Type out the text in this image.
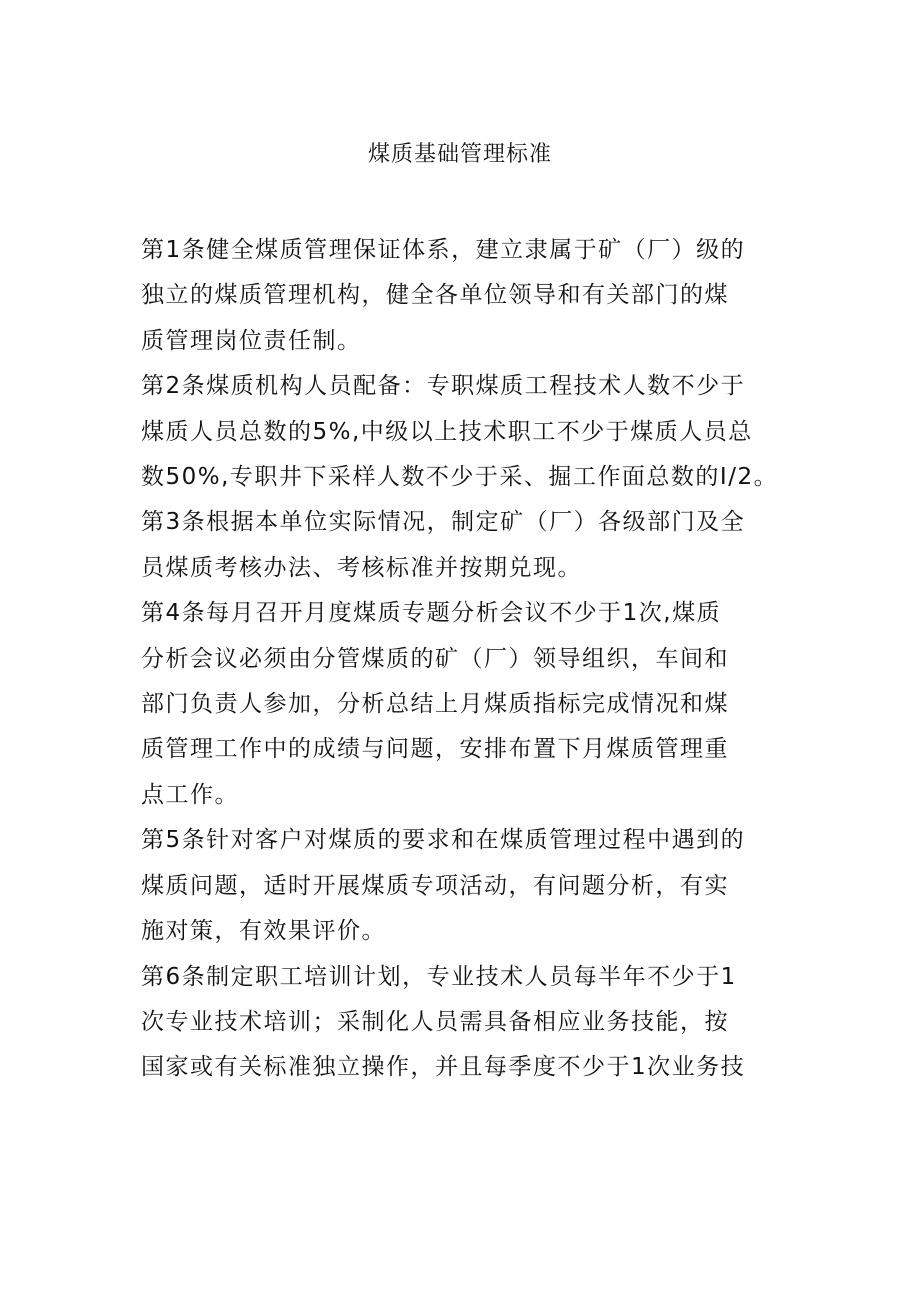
煤质基础管理标准
第1条健全煤质管理保证体系，建立隶属于矿（厂）级的
独立的煤质管理机构，健全各单位领导和有关部门的煤
质管理岗位责任制。
第2条煤质机构人员配备：专职煤质工程技术人数不少于
煤质人员总数的5%,中级以上技术职工不少于煤质人员总
数50%,专职井下采样人数不少于采、掘工作面总数的I/2。
第3条根据本单位实际情况，制定矿（厂）各级部门及全
员煤质考核办法、考核标准并按期兑现。
第4条每月召开月度煤质专题分析会议不少于1次,煤质
分析会议必须由分管煤质的矿（厂）领导组织，车间和
部门负责人参加，分析总结上月煤质指标完成情况和煤
质管理工作中的成绩与问题，安排布置下月煤质管理重
点工作。
第5条针对客户对煤质的要求和在煤质管理过程中遇到的
煤质问题，适时开展煤质专项活动，有问题分析，有实
施对策，有效果评价。
第6条制定职工培训计划，专业技术人员每半年不少于1
次专业技术培训；采制化人员需具备相应业务技能，按
国家或有关标准独立操作，并且每季度不少于1次业务技
